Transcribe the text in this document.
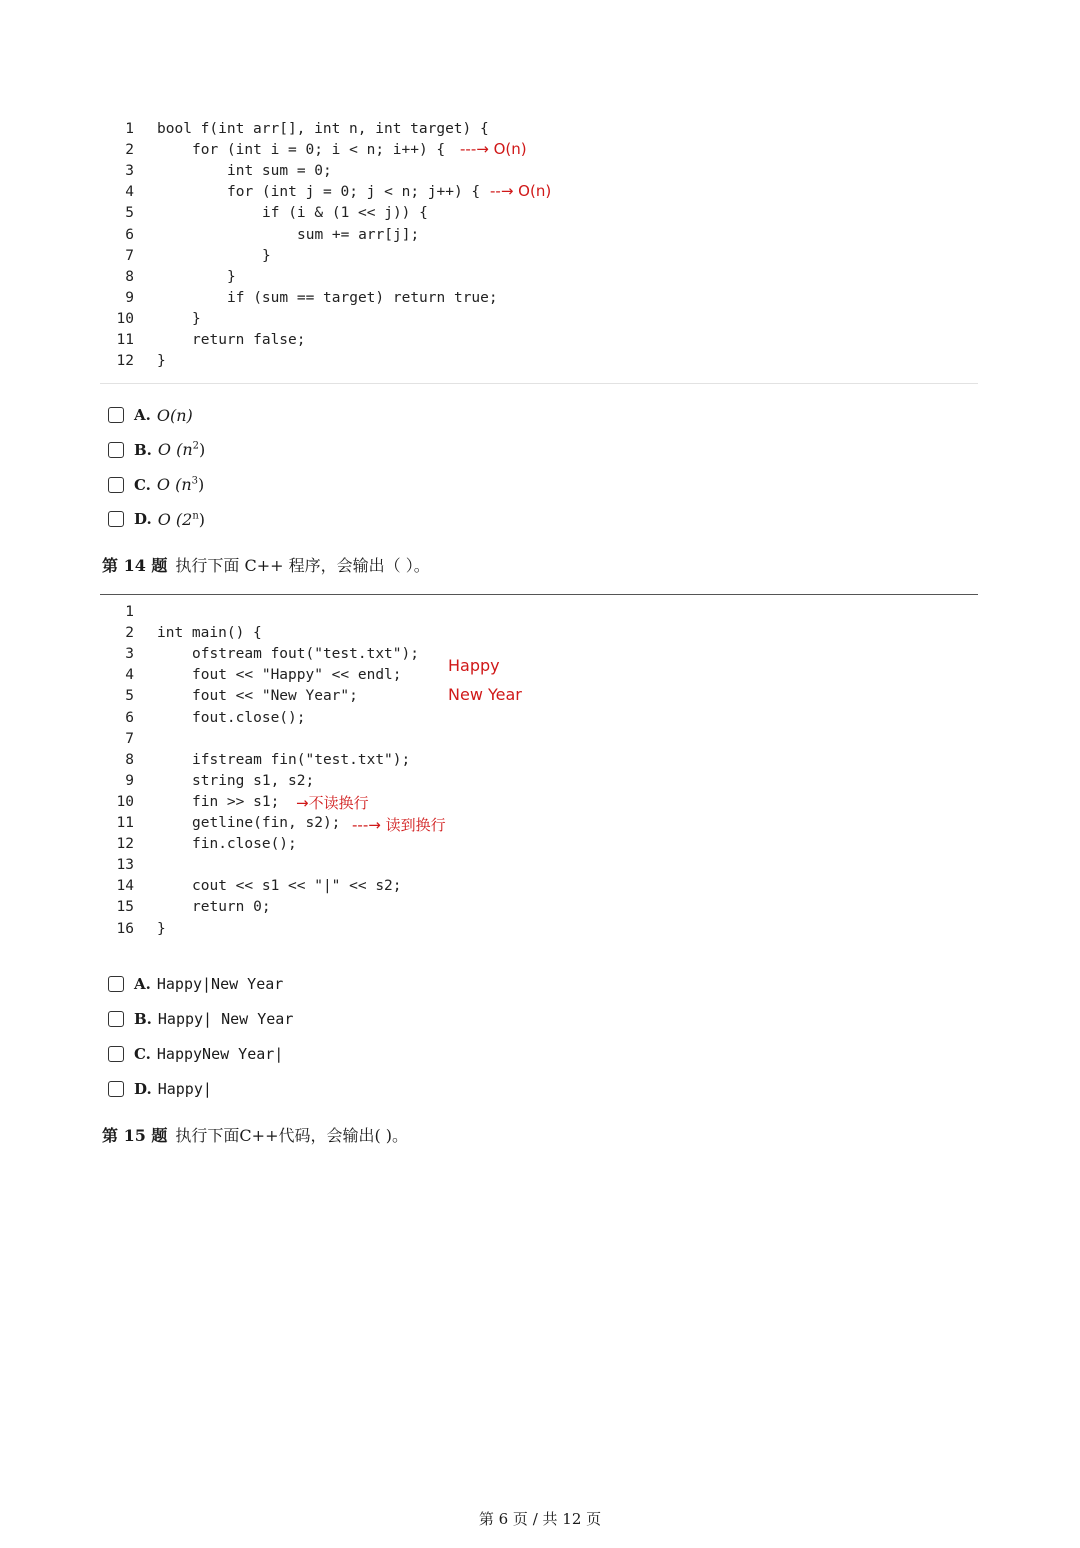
1 bool f(int arr[], int n, int target) {
2	for (int i = 0; i < n; i++) {
3	int sum = 0;
4	for (int j = 0; j < n; j++) {
5	if (i & (1 << j)) {
6	sum += arr[j];
7	}
8	}
9	if (sum == target) return true;
10	}
11	return false;
12 }
---→ O(n)
--→ O(n)
A. O(n)
B. O $(n^2)$
C. O $(n^3)$
D. O (2$^n$)
第 14 题 执行下面 C++ 程序，会输出（ ）。
1
2 int main() {
3	ofstream fout("test.txt");
4	fout << "Happy" << endl;
5	fout << "New Year";
6	fout.close();
7
8	ifstream fin("test.txt");
9	string s1, s2;
10	fin >> s1;
11	getline(fin, s2);
12	fin.close();
13
14	cout << s1 << "|" << s2;
15	return 0;
16 }
Happy
New Year
→不读换行
---→ 读到换行
A. Happy|New Year
B. Happy| New Year
C. HappyNew Year|
D. Happy|
第 15 题 执行下面C++代码，会输出( )。
第 6 页 / 共 12 页
